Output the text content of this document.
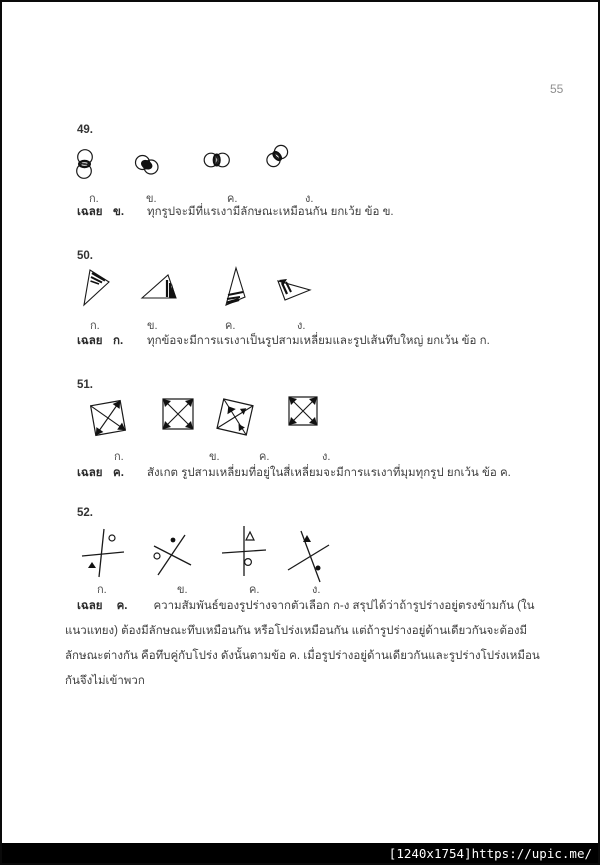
55
49.
ก.	ข.	ค.	ง.
เฉลย ข.	ทุกรูปจะมีที่แรเงามีลักษณะเหมือนกัน ยกเว้ย ข้อ ข.
50.
ก.	ข.	ค.	ง.
เฉลย ก.	ทุกข้อจะมีการแรเงาเป็นรูปสามเหลี่ยมและรูปเส้นทึบใหญ่ ยกเว้น ข้อ ก.
51.
ก.	ข.	ค.	ง.
เฉลย ค.	สังเกต รูปสามเหลี่ยมที่อยู่ในสี่เหลี่ยมจะมีการแรเงาที่มุมทุกรูป ยกเว้น ข้อ ค.
52.
ก.	ข.	ค.	ง.
เฉลย ค. ความสัมพันธ์ของรูปร่างจากตัวเลือก ก-ง สรุปได้ว่าถ้ารูปร่างอยู่ตรงข้ามกัน (ในแนวแทยง) ต้องมีลักษณะทึบเหมือนกัน หรือโปร่งเหมือนกัน แต่ถ้ารูปร่างอยู่ด้านเดียวกันจะต้องมีลักษณะต่างกัน คือทึบคู่กับโปร่ง ดังนั้นตามข้อ ค. เมื่อรูปร่างอยู่ด้านเดียวกันและรูปร่างโปร่งเหมือนกันจึงไม่เข้าพวก
[1240x1754]https://upic.me/
